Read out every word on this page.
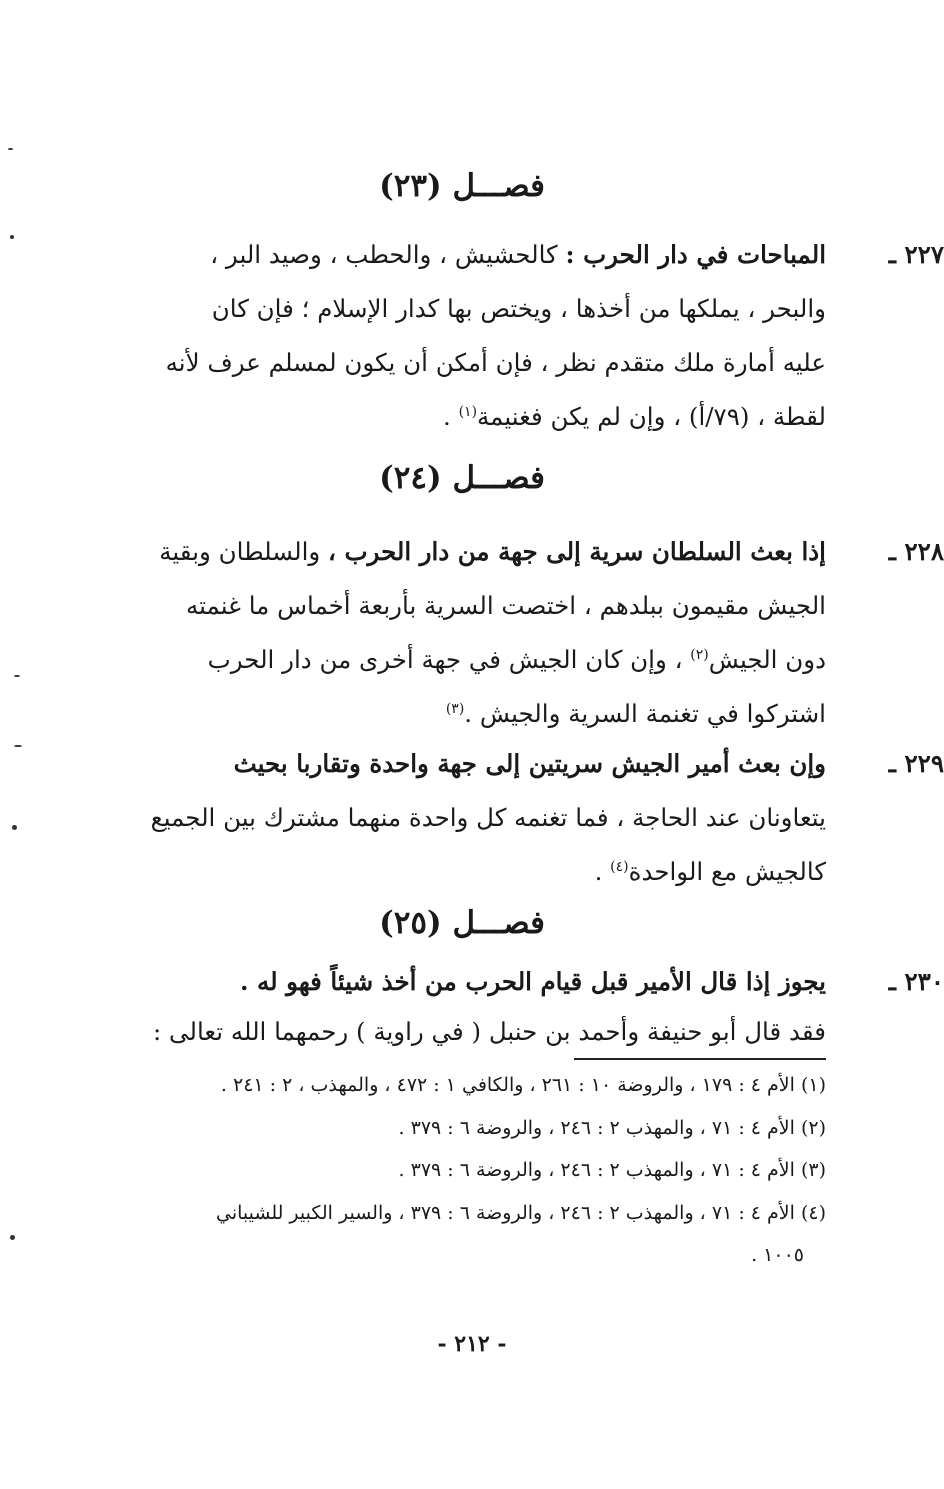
فصـــل (٢٣)
٢٢٧ ـ
المباحات في دار الحرب : كالحشيش ، والحطب ، وصيد البر ،
والبحر ، يملكها من أخذها ، ويختص بها كدار الإسلام ؛ فإن كان
عليه أمارة ملك متقدم نظر ، فإن أمكن أن يكون لمسلم عرف لأنه
لقطة ، (٧٩/أ) ، وإن لم يكن فغنيمة$^{(١)}$ .
فصـــل (٢٤)
٢٢٨ ـ
إذا بعث السلطان سرية إلى جهة من دار الحرب ، والسلطان وبقية
الجيش مقيمون ببلدهم ، اختصت السرية بأربعة أخماس ما غنمته
دون الجيش$^{(٢)}$ ، وإن كان الجيش في جهة أخرى من دار الحرب
اشتركوا في تغنمة السرية والجيش .$^{(٣)}$
٢٢٩ ـ
وإن بعث أمير الجيش سريتين إلى جهة واحدة وتقاربا بحيث
يتعاونان عند الحاجة ، فما تغنمه كل واحدة منهما مشترك بين الجميع
كالجيش مع الواحدة$^{(٤)}$ .
فصـــل (٢٥)
٢٣٠ ـ
يجوز إذا قال الأمير قبل قيام الحرب من أخذ شيئاً فهو له .
فقد قال أبو حنيفة وأحمد بن حنبل ( في راوية ) رحمهما الله تعالى :
(١) الأم ٤ : ١٧٩ ، والروضة ١٠ : ٢٦١ ، والكافي ١ : ٤٧٢ ، والمهذب ، ٢ : ٢٤١ .
(٢) الأم ٤ : ٧١ ، والمهذب ٢ : ٢٤٦ ، والروضة ٦ : ٣٧٩ .
(٣) الأم ٤ : ٧١ ، والمهذب ٢ : ٢٤٦ ، والروضة ٦ : ٣٧٩ .
(٤) الأم ٤ : ٧١ ، والمهذب ٢ : ٢٤٦ ، والروضة ٦ : ٣٧٩ ، والسير الكبير للشيباني
١٠٠٥ .
- ٢١٢ -
